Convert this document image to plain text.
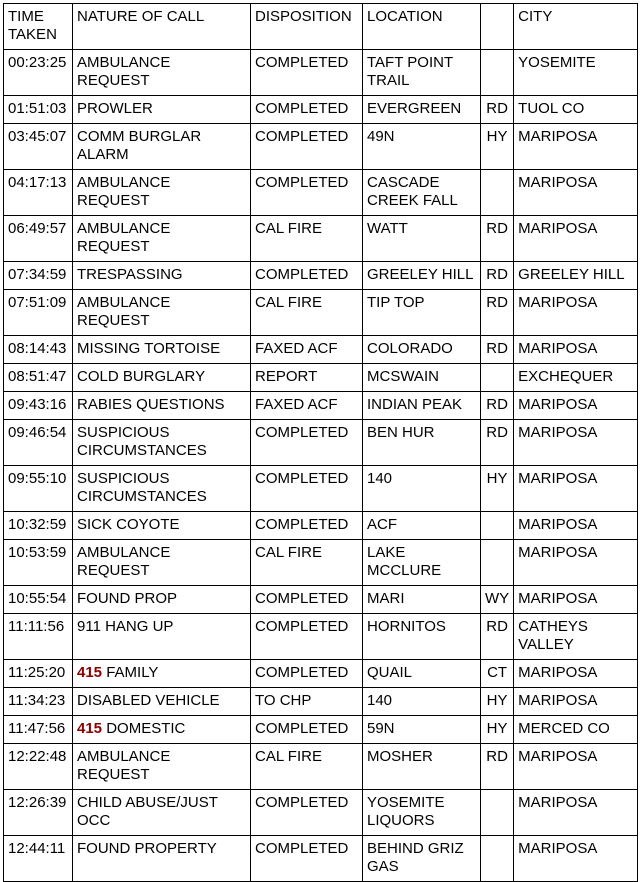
TIME TAKEN	NATURE OF CALL	DISPOSITION	LOCATION		CITY
00:23:25	AMBULANCE REQUEST	COMPLETED	TAFT POINT TRAIL		YOSEMITE
01:51:03	PROWLER	COMPLETED	EVERGREEN	RD	TUOL CO
03:45:07	COMM BURGLAR ALARM	COMPLETED	49N	HY	MARIPOSA
04:17:13	AMBULANCE REQUEST	COMPLETED	CASCADE CREEK FALL		MARIPOSA
06:49:57	AMBULANCE REQUEST	CAL FIRE	WATT	RD	MARIPOSA
07:34:59	TRESPASSING	COMPLETED	GREELEY HILL	RD	GREELEY HILL
07:51:09	AMBULANCE REQUEST	CAL FIRE	TIP TOP	RD	MARIPOSA
08:14:43	MISSING TORTOISE	FAXED ACF	COLORADO	RD	MARIPOSA
08:51:47	COLD BURGLARY	REPORT	MCSWAIN		EXCHEQUER
09:43:16	RABIES QUESTIONS	FAXED ACF	INDIAN PEAK	RD	MARIPOSA
09:46:54	SUSPICIOUS CIRCUMSTANCES	COMPLETED	BEN HUR	RD	MARIPOSA
09:55:10	SUSPICIOUS CIRCUMSTANCES	COMPLETED	140	HY	MARIPOSA
10:32:59	SICK COYOTE	COMPLETED	ACF		MARIPOSA
10:53:59	AMBULANCE REQUEST	CAL FIRE	LAKE MCCLURE		MARIPOSA
10:55:54	FOUND PROP	COMPLETED	MARI	WY	MARIPOSA
11:11:56	911 HANG UP	COMPLETED	HORNITOS	RD	CATHEYS VALLEY
11:25:20	415 FAMILY	COMPLETED	QUAIL	CT	MARIPOSA
11:34:23	DISABLED VEHICLE	TO CHP	140	HY	MARIPOSA
11:47:56	415 DOMESTIC	COMPLETED	59N	HY	MERCED CO
12:22:48	AMBULANCE REQUEST	CAL FIRE	MOSHER	RD	MARIPOSA
12:26:39	CHILD ABUSE/JUST OCC	COMPLETED	YOSEMITE LIQUORS		MARIPOSA
12:44:11	FOUND PROPERTY	COMPLETED	BEHIND GRIZ GAS		MARIPOSA
